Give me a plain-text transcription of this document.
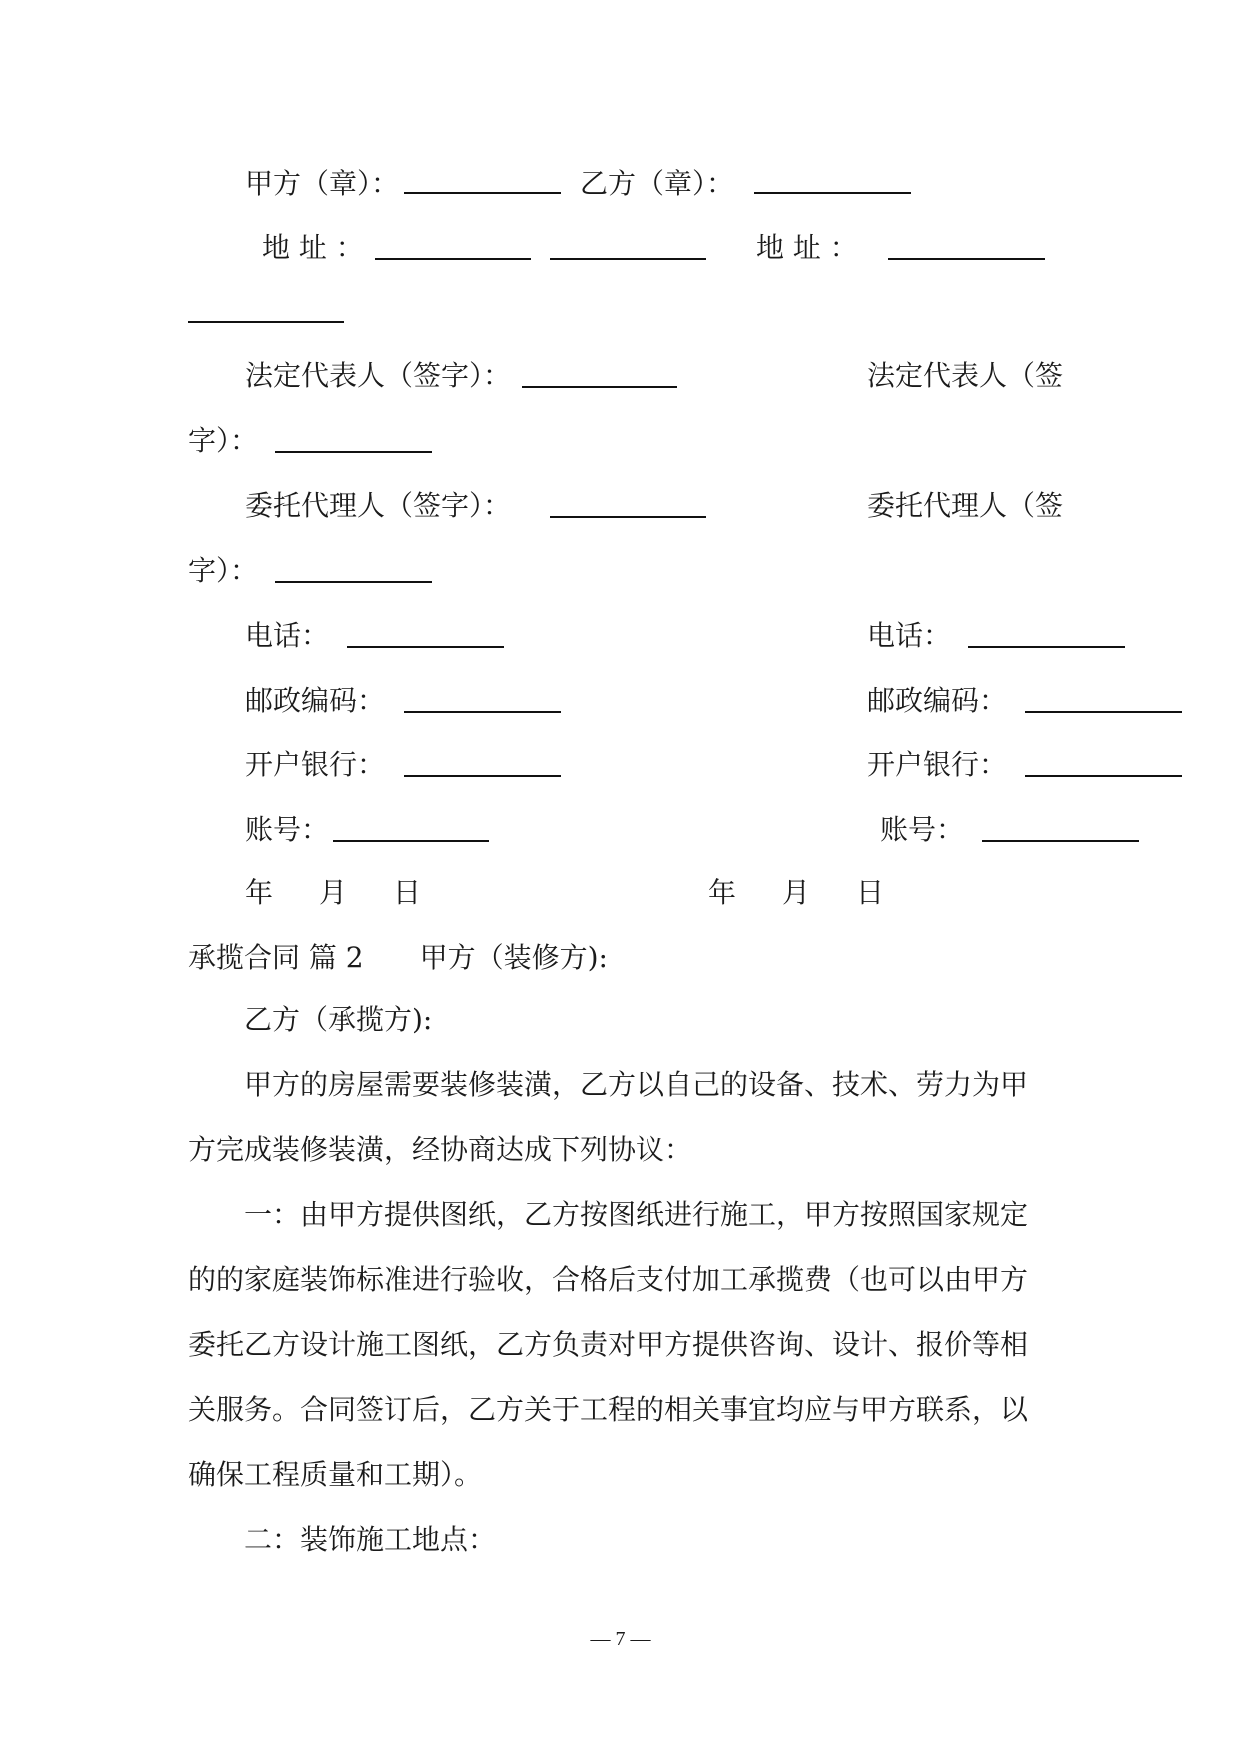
甲方（章）：	乙方（章）：
地 址 ：	地 址 ：
法定代表人（签字）：	法定代表人（签
字）：
委托代理人（签字）：	委托代理人（签
字）：
电话：	电话：
邮政编码：	邮政编码：
开户银行：	开户银行：
账号：	账号：
年 月 日	年 月 日
承揽合同 篇 2 甲方（装修方):

乙方（承揽方):

甲方的房屋需要装修装潢，乙方以自己的设备、技术、劳力为甲方完成装修装潢，经协商达成下列协议：

一：由甲方提供图纸，乙方按图纸进行施工，甲方按照国家规定的的家庭装饰标准进行验收，合格后支付加工承揽费（也可以由甲方委托乙方设计施工图纸，乙方负责对甲方提供咨询、设计、报价等相关服务。合同签订后，乙方关于工程的相关事宜均应与甲方联系，以确保工程质量和工期）。

二：装饰施工地点：

— 7 —
